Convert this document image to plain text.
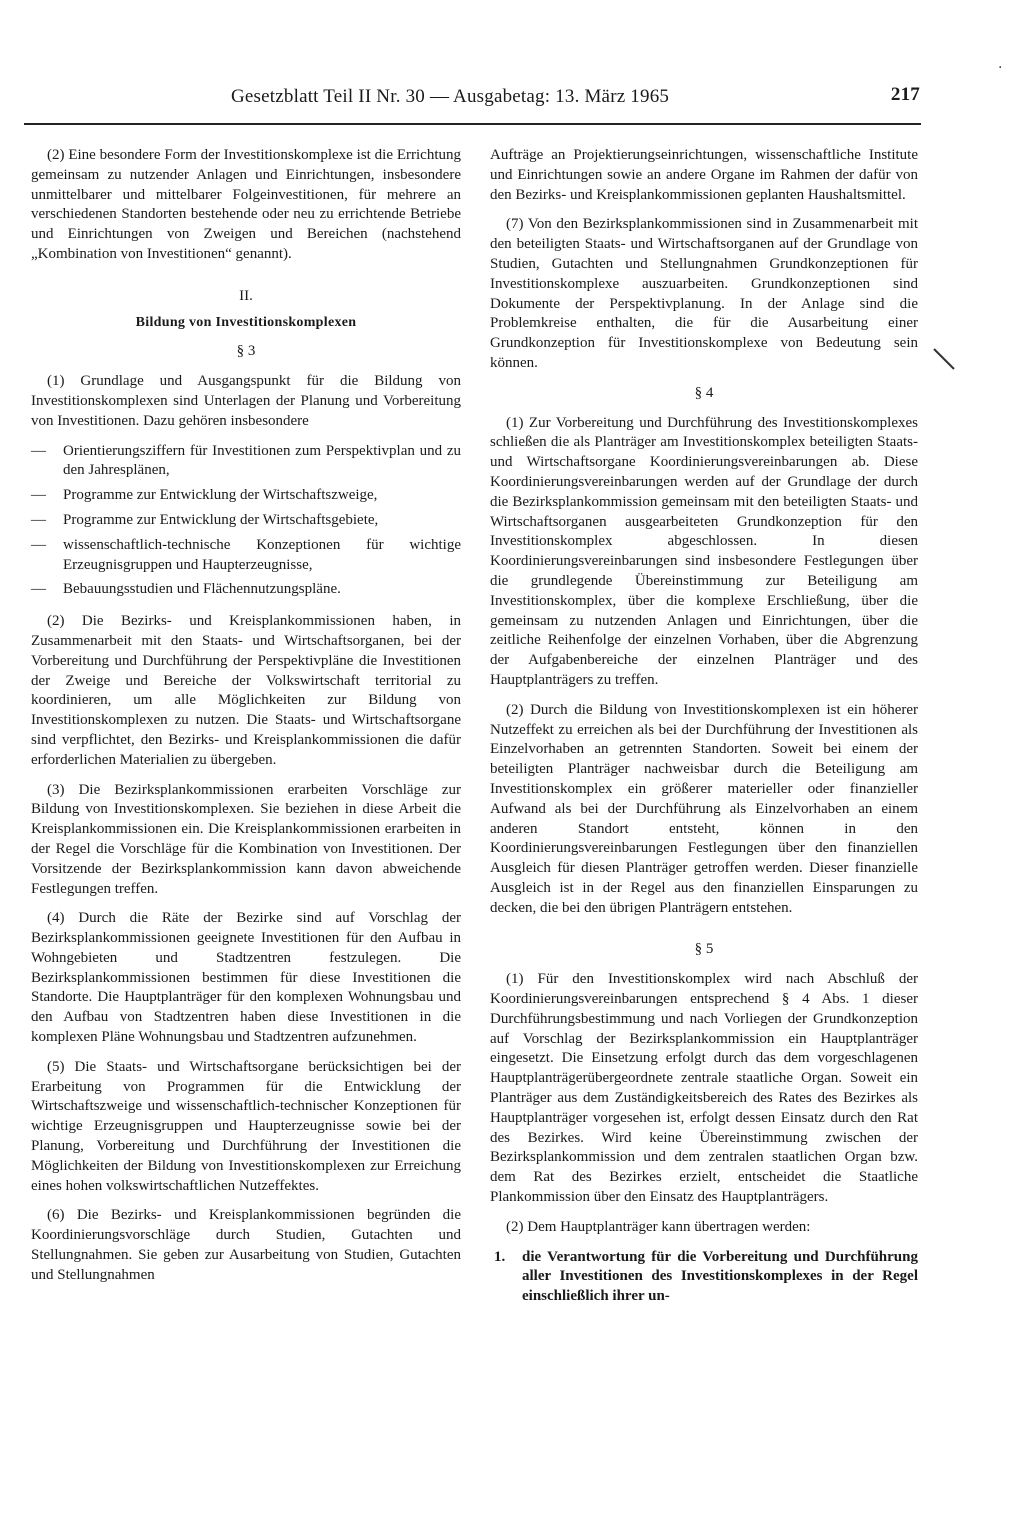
Gesetzblatt Teil II Nr. 30 — Ausgabetag: 13. März 1965	217

(2) Eine besondere Form der Investitionskomplexe ist die Errichtung gemeinsam zu nutzender Anlagen und Einrichtungen, insbesondere unmittelbarer und mittelbarer Folgeinvestitionen, für mehrere an verschiedenen Standorten bestehende oder neu zu errichtende Betriebe und Einrichtungen von Zweigen und Bereichen (nachstehend „Kombination von Investitionen“ genannt).

II.
Bildung von Investitionskomplexen
§ 3

(1) Grundlage und Ausgangspunkt für die Bildung von Investitionskomplexen sind Unterlagen der Planung und Vorbereitung von Investitionen. Dazu gehören insbesondere

— Orientierungsziffern für Investitionen zum Perspektivplan und zu den Jahresplänen,
— Programme zur Entwicklung der Wirtschaftszweige,
— Programme zur Entwicklung der Wirtschaftsgebiete,
— wissenschaftlich-technische Konzeptionen für wichtige Erzeugnisgruppen und Haupterzeugnisse,
— Bebauungsstudien und Flächennutzungspläne.

(2) Die Bezirks- und Kreisplankommissionen haben, in Zusammenarbeit mit den Staats- und Wirtschaftsorganen, bei der Vorbereitung und Durchführung der Perspektivpläne die Investitionen der Zweige und Bereiche der Volkswirtschaft territorial zu koordinieren, um alle Möglichkeiten zur Bildung von Investitionskomplexen zu nutzen. Die Staats- und Wirtschaftsorgane sind verpflichtet, den Bezirks- und Kreisplankommissionen die dafür erforderlichen Materialien zu übergeben.

(3) Die Bezirksplankommissionen erarbeiten Vorschläge zur Bildung von Investitionskomplexen. Sie beziehen in diese Arbeit die Kreisplankommissionen ein. Die Kreisplankommissionen erarbeiten in der Regel die Vorschläge für die Kombination von Investitionen. Der Vorsitzende der Bezirksplankommission kann davon abweichende Festlegungen treffen.

(4) Durch die Räte der Bezirke sind auf Vorschlag der Bezirksplankommissionen geeignete Investitionen für den Aufbau in Wohngebieten und Stadtzentren festzulegen. Die Bezirksplankommissionen bestimmen für diese Investitionen die Standorte. Die Hauptplanträger für den komplexen Wohnungsbau und den Aufbau von Stadtzentren haben diese Investitionen in die komplexen Pläne Wohnungsbau und Stadtzentren aufzunehmen.

(5) Die Staats- und Wirtschaftsorgane berücksichtigen bei der Erarbeitung von Programmen für die Entwicklung der Wirtschaftszweige und wissenschaftlich-technischer Konzeptionen für wichtige Erzeugnisgruppen und Haupterzeugnisse sowie bei der Planung, Vorbereitung und Durchführung der Investitionen die Möglichkeiten der Bildung von Investitionskomplexen zur Erreichung eines hohen volkswirtschaftlichen Nutzeffektes.

(6) Die Bezirks- und Kreisplankommissionen begründen die Koordinierungsvorschläge durch Studien, Gutachten und Stellungnahmen. Sie geben zur Ausarbeitung von Studien, Gutachten und Stellungnahmen

Aufträge an Projektierungseinrichtungen, wissenschaftliche Institute und Einrichtungen sowie an andere Organe im Rahmen der dafür von den Bezirks- und Kreisplankommissionen geplanten Haushaltsmittel.

(7) Von den Bezirksplankommissionen sind in Zusammenarbeit mit den beteiligten Staats- und Wirtschaftsorganen auf der Grundlage von Studien, Gutachten und Stellungnahmen Grundkonzeptionen für Investitionskomplexe auszuarbeiten. Grundkonzeptionen sind Dokumente der Perspektivplanung. In der Anlage sind die Problemkreise enthalten, die für die Ausarbeitung einer Grundkonzeption für Investitionskomplexe von Bedeutung sein können.

§ 4

(1) Zur Vorbereitung und Durchführung des Investitionskomplexes schließen die als Planträger am Investitionskomplex beteiligten Staats- und Wirtschaftsorgane Koordinierungsvereinbarungen ab. Diese Koordinierungsvereinbarungen werden auf der Grundlage der durch die Bezirksplankommission gemeinsam mit den beteiligten Staats- und Wirtschaftsorganen ausgearbeiteten Grundkonzeption für den Investitionskomplex abgeschlossen. In diesen Koordinierungsvereinbarungen sind insbesondere Festlegungen über die grundlegende Übereinstimmung zur Beteiligung am Investitionskomplex, über die komplexe Erschließung, über die gemeinsam zu nutzenden Anlagen und Einrichtungen, über die zeitliche Reihenfolge der einzelnen Vorhaben, über die Abgrenzung der Aufgabenbereiche der einzelnen Planträger und des Hauptplanträgers zu treffen.

(2) Durch die Bildung von Investitionskomplexen ist ein höherer Nutzeffekt zu erreichen als bei der Durchführung der Investitionen als Einzelvorhaben an getrennten Standorten. Soweit bei einem der beteiligten Planträger nachweisbar durch die Beteiligung am Investitionskomplex ein größerer materieller oder finanzieller Aufwand als bei der Durchführung als Einzelvorhaben an einem anderen Standort entsteht, können in den Koordinierungsvereinbarungen Festlegungen über den finanziellen Ausgleich für diesen Planträger getroffen werden. Dieser finanzielle Ausgleich ist in der Regel aus den finanziellen Einsparungen zu decken, die bei den übrigen Planträgern entstehen.

§ 5

(1) Für den Investitionskomplex wird nach Abschluß der Koordinierungsvereinbarungen entsprechend § 4 Abs. 1 dieser Durchführungsbestimmung und nach Vorliegen der Grundkonzeption auf Vorschlag der Bezirksplankommission ein Hauptplanträger eingesetzt. Die Einsetzung erfolgt durch das dem vorgeschlagenen Hauptplanträgerübergeordnete zentrale staatliche Organ. Soweit ein Planträger aus dem Zuständigkeitsbereich des Rates des Bezirkes als Hauptplanträger vorgesehen ist, erfolgt dessen Einsatz durch den Rat des Bezirkes. Wird keine Übereinstimmung zwischen der Bezirksplankommission und dem zentralen staatlichen Organ bzw. dem Rat des Bezirkes erzielt, entscheidet die Staatliche Plankommission über den Einsatz des Hauptplanträgers.

(2) Dem Hauptplanträger kann übertragen werden:

1. die Verantwortung für die Vorbereitung und Durchführung aller Investitionen des Investitionskomplexes in der Regel einschließlich ihrer un-
·
